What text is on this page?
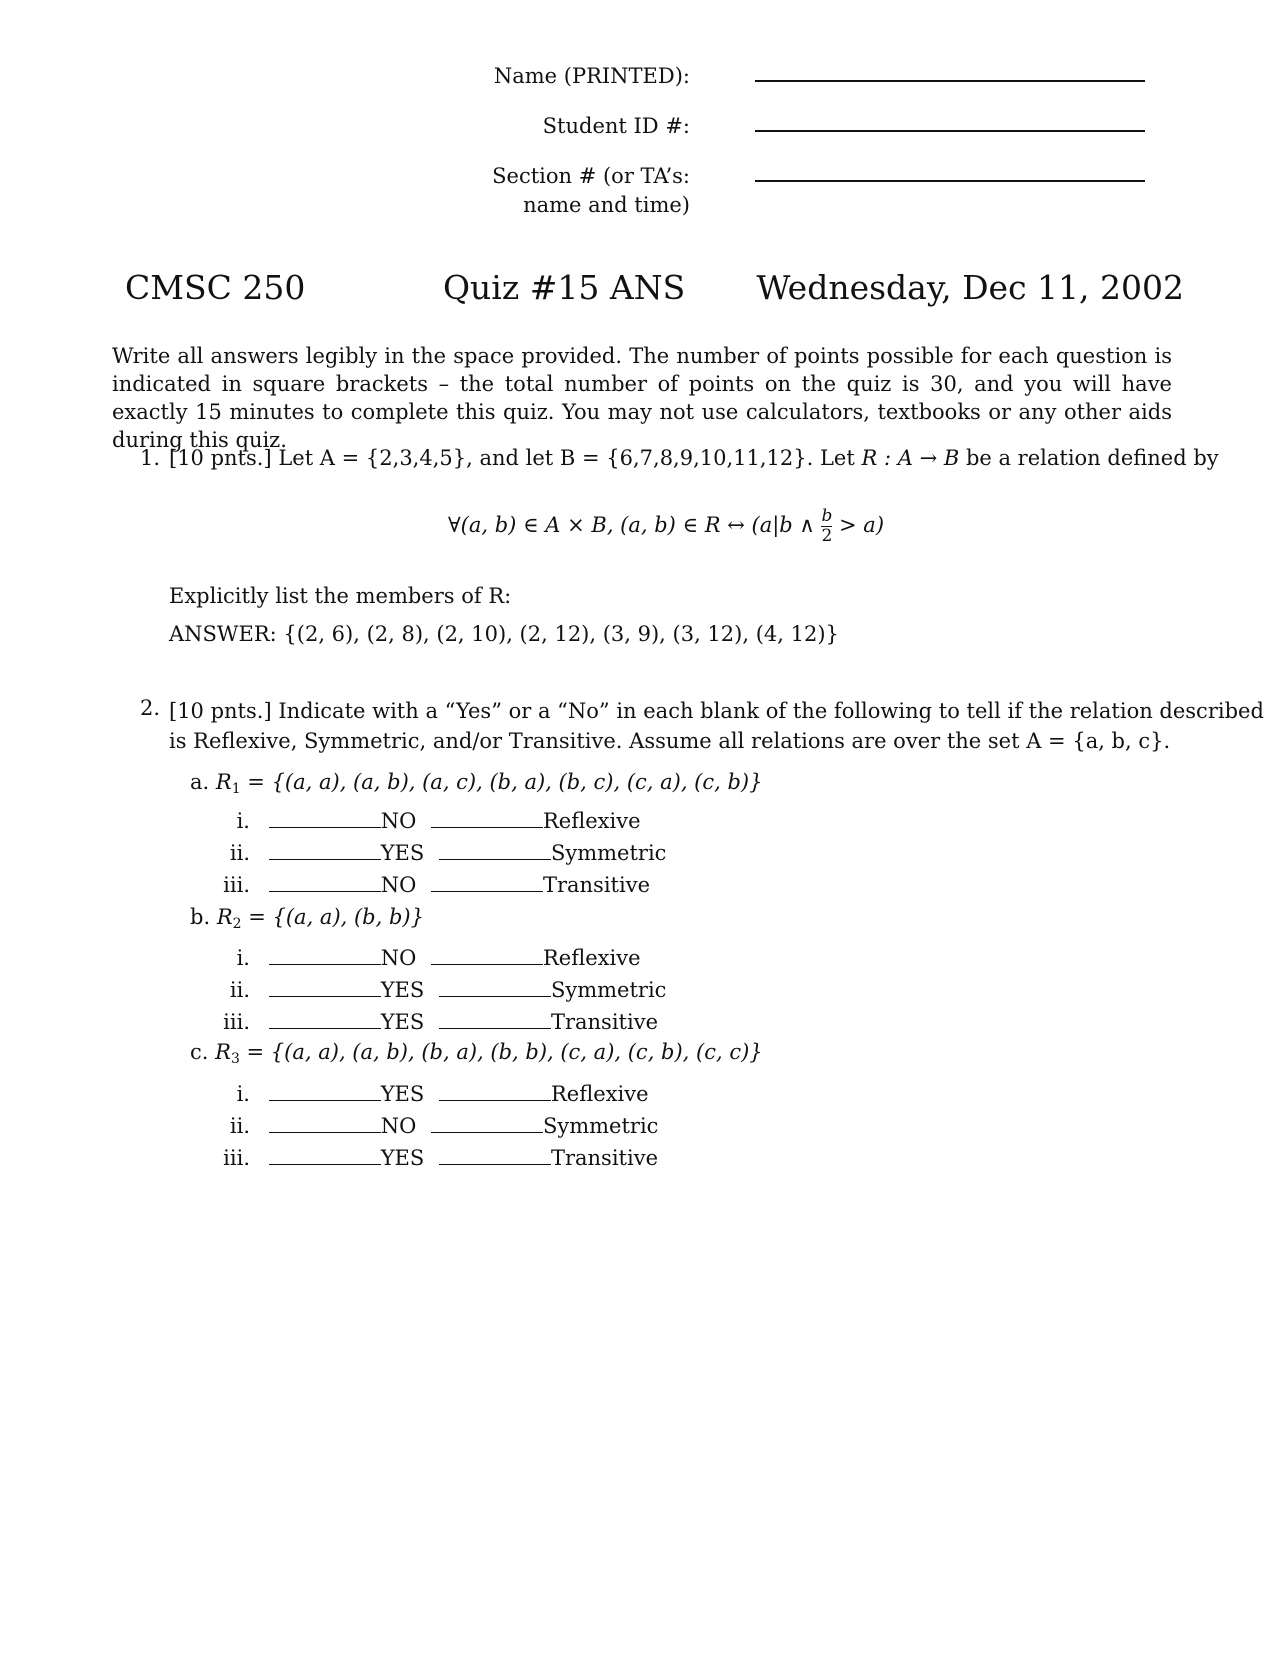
Name (PRINTED):
Student ID #:
Section # (or TA’s:
name and time)
CMSC 250	Quiz #15 ANS Wednesday, Dec 11, 2002
Write all answers legibly in the space provided. The number of points possible for each question is indicated in square brackets – the total number of points on the quiz is 30, and you will have exactly 15 minutes to complete this quiz. You may not use calculators, textbooks or any other aids during this quiz.
1. [10 pnts.] Let A = {2,3,4,5}, and let B = {6,7,8,9,10,11,12}. Let R : A → B be a relation defined by
∀(a, b) ∈ A × B, (a, b) ∈ R ↔ (a|b ∧ $\frac{b}{2} > a$)
Explicitly list the members of R:
ANSWER: {(2, 6), (2, 8), (2, 10), (2, 12), (3, 9), (3, 12), (4, 12)}
2. [10 pnts.] Indicate with a “Yes” or a “No” in each blank of the following to tell if the relation described
is Reflexive, Symmetric, and/or Transitive. Assume all relations are over the set A = {a, b, c}.
a. $R_1 = \{(a$, a), (a, b), (a, c), (b, a), (b, c), (c, a), (c, b)}
i.	NO	Reflexive
ii.	YES	Symmetric
iii.	NO	Transitive
b. $R_2 = \{(a$, a), (b, b)}
i.	NO	Reflexive
ii.	YES	Symmetric
iii.	YES	Transitive
c. $R_3 = \{(a$, a), (a, b), (b, a), (b, b), (c, a), (c, b), (c, c)}
i.	YES	Reflexive
ii.	NO	Symmetric
iii.	YES	Transitive
